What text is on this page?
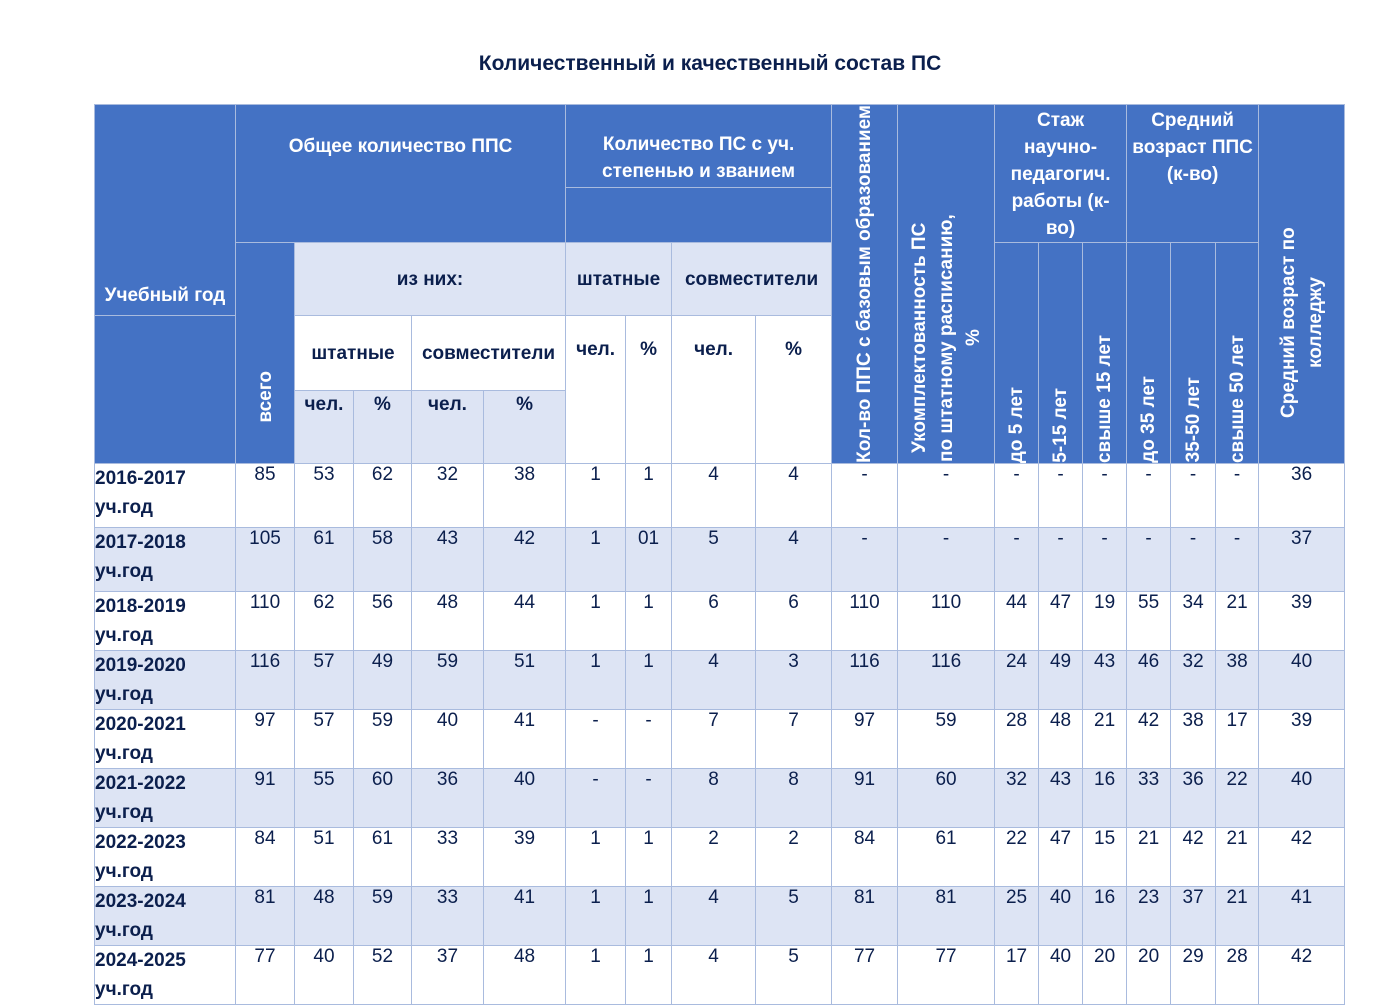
Количественный и качественный состав ПС
Учебный год	Общее количество ППС					Количество ПС с уч. степенью и званием				Кол-во ППС с базовым образованием	Укомплектованность ПС по штатному расписанию, %	Стаж научно-педагогич. работы (к-во)			Средний возраст ППС (к-во)			Средний возраст по колледжу

	всего	из них:				штатные		совместители				до 5 лет	5-15 лет	свыше 15 лет	до 35 лет	35-50 лет	свыше 50 лет	

		штатные		совместители		чел.	%	чел.	%									
		чел.	%	чел.	%													
2016-2017 уч.год	85	53	62	32	38	1	1	4	4	-	-	-	-	-	-	-	-	36
2017-2018 уч.год	105	61	58	43	42	1	01	5	4	-	-	-	-	-	-	-	-	37
2018-2019 уч.год	110	62	56	48	44	1	1	6	6	110	110	44	47	19	55	34	21	39
2019-2020 уч.год	116	57	49	59	51	1	1	4	3	116	116	24	49	43	46	32	38	40
2020-2021 уч.год	97	57	59	40	41	-	-	7	7	97	59	28	48	21	42	38	17	39
2021-2022 уч.год	91	55	60	36	40	-	-	8	8	91	60	32	43	16	33	36	22	40
2022-2023 уч.год	84	51	61	33	39	1	1	2	2	84	61	22	47	15	21	42	21	42
2023-2024 уч.год	81	48	59	33	41	1	1	4	5	81	81	25	40	16	23	37	21	41
2024-2025 уч.год	77	40	52	37	48	1	1	4	5	77	77	17	40	20	20	29	28	42
